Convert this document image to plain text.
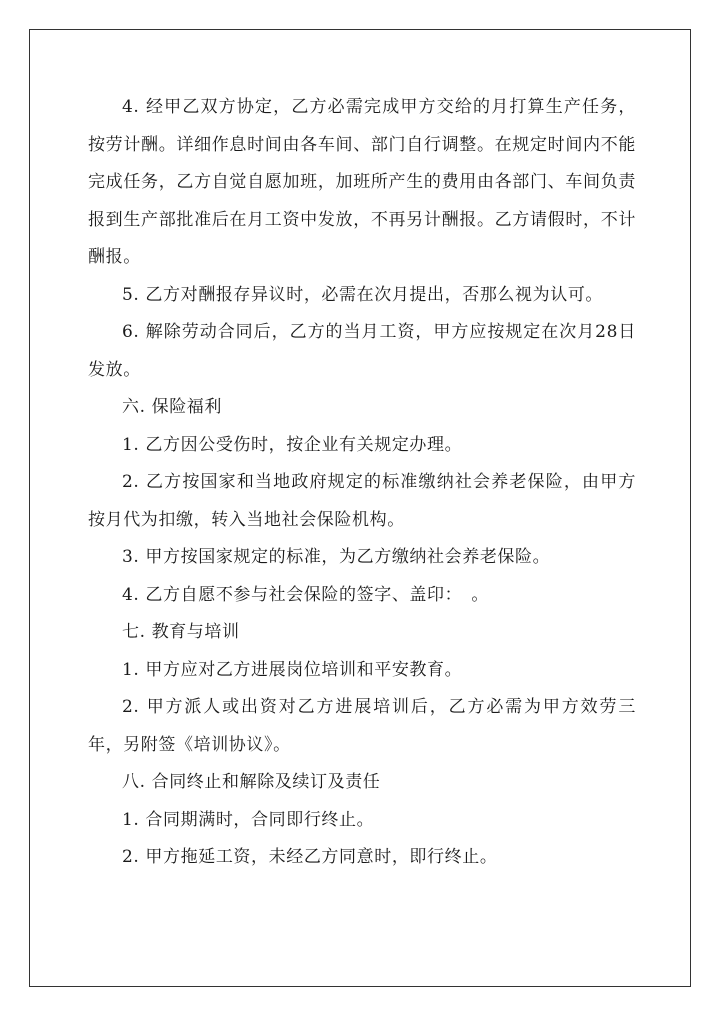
4. 经甲乙双方协定，乙方必需完成甲方交给的月打算生产任务，按劳计酬。详细作息时间由各车间、部门自行调整。在规定时间内不能完成任务，乙方自觉自愿加班，加班所产生的费用由各部门、车间负责报到生产部批准后在月工资中发放，不再另计酬报。乙方请假时，不计酬报。

5. 乙方对酬报存异议时，必需在次月提出，否那么视为认可。

6. 解除劳动合同后，乙方的当月工资，甲方应按规定在次月28日发放。

六. 保险福利

1. 乙方因公受伤时，按企业有关规定办理。

2. 乙方按国家和当地政府规定的标准缴纳社会养老保险，由甲方按月代为扣缴，转入当地社会保险机构。

3. 甲方按国家规定的标准，为乙方缴纳社会养老保险。

4. 乙方自愿不参与社会保险的签字、盖印：　。

七. 教育与培训

1. 甲方应对乙方进展岗位培训和平安教育。

2. 甲方派人或出资对乙方进展培训后，乙方必需为甲方效劳三年，另附签《培训协议》。

八. 合同终止和解除及续订及责任

1. 合同期满时，合同即行终止。

2. 甲方拖延工资，未经乙方同意时，即行终止。
